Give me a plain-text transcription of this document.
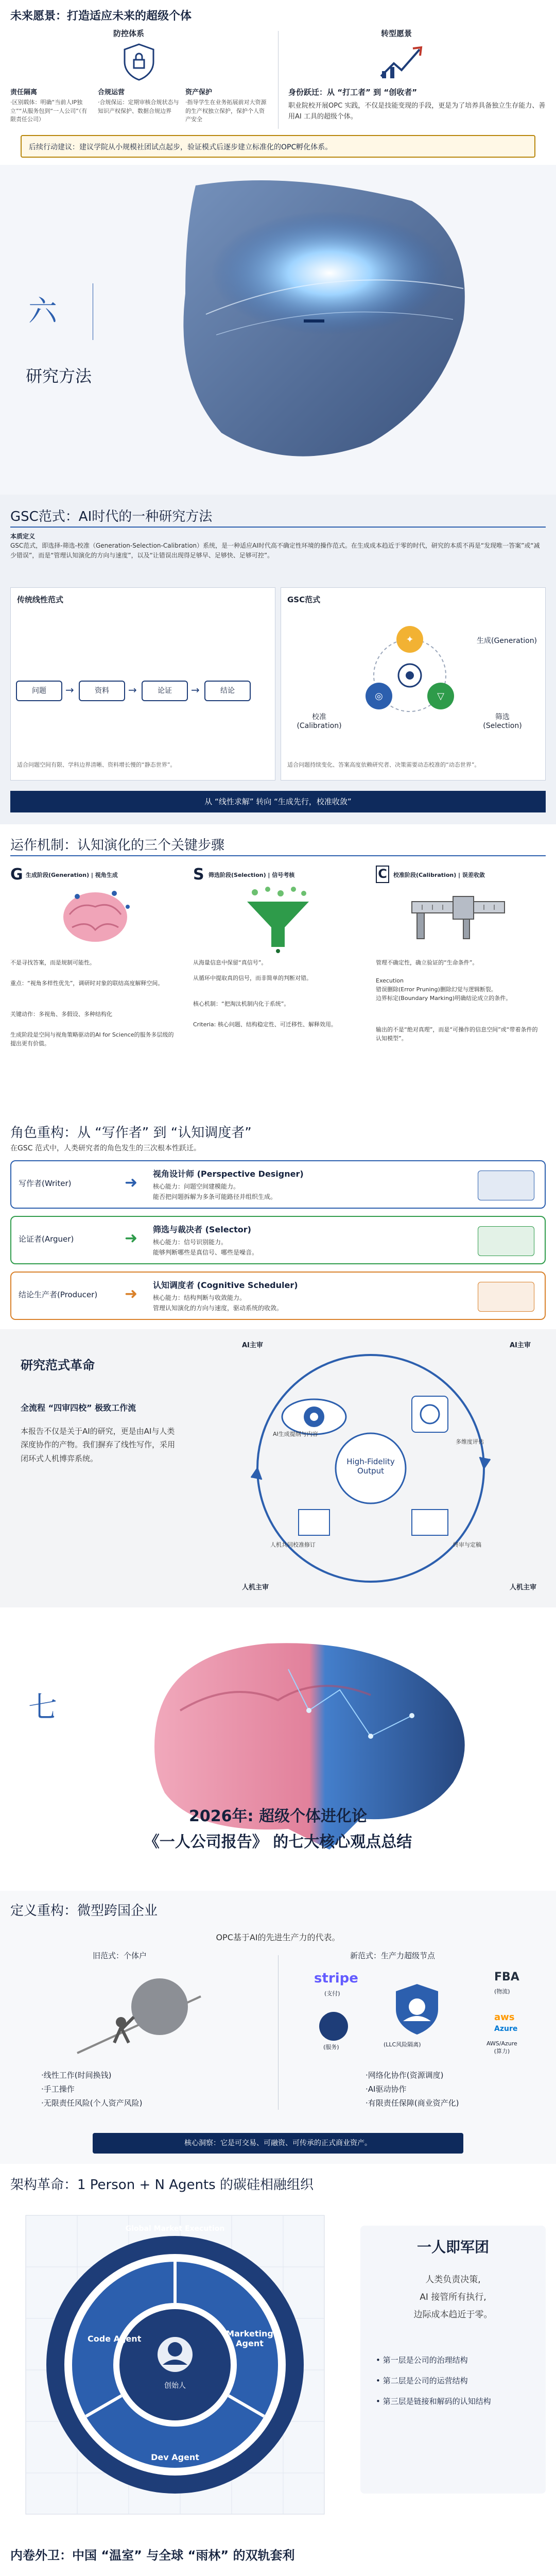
未来愿景：打造适应未来的超级个体
防控体系
责任隔离
·区别载体：明确“当前人IP独立”“从服务包到“一人公司”（有限责任公司）
合规运营
·合规保运：定期审核合规状态与知识产权保护、数据合规边界
资产保护
·指导学生在业务拓展前对大资源的生产权独立保护，保护个人资产安全
转型愿景
身份跃迁：从 “打工者” 到 “创收者”
职业院校开展OPC 实践，不仅是技能变现的手段，更是为了培养具备独立生存能力、善用AI 工具的超级个体。
后续行动建议：建议学院从小规模社团试点起步，验证模式后逐步建立标准化的OPC孵化体系。
六
研究方法
GSC范式：AI时代的一种研究方法
本质定义
GSC范式，即选择-筛选-校准（Generation-Selection-Calibration）系统，是一种适应AI时代高不确定性环境的操作范式。在生成成本趋近于零的时代，研究的本质不再是“发现唯一答案”或“减少错误”，而是“管理认知演化的方向与速度”，以及“让错误出现得足够早、足够快、足够可控”。
传统线性范式
问题	→	资料	→	论证	→	结论
适合问题空间有限、学科边界清晰、资料增长慢的“静态世界”。
GSC范式
✦
◎	▽
生成(Generation)
校准
(Calibration)
筛选
(Selection)
适合问题持续变化、答案高度依赖研究者、决策需要动态校准的“动态世界”。
从 “线性求解” 转向 “生成先行，校准收敛”
运作机制：认知演化的三个关键步骤
G 生成阶段(Generation) | 视角生成
不是寻找答案，而是规制可能性。
重点：“视角多样性优先”，调研时对象的联结高度解释空间。
关键动作：多视角、多假设、多种结构化
生成阶段是空间与视角策略驱动的AI for Science的服务多层级的提出更有价值。
S 筛选阶段(Selection) | 信号考核
从海量信息中保留“真信号”。
从循环中提取真的信号，而非简单的判断对错。
核心机制：“把淘汰机制内化于系统”。
Criteria: 核心问题、结构稳定性、可迁移性、解释效用。
C	校准阶段(Calibration) | 误差收敛
管理不确定性，确立验证的“生命条件”。
Execution
错误删除(Error Pruning)删除幻觉与逻辑断裂。
边界标定(Boundary Marking)明确结论成立的条件。
输出的不是“绝对真理”，而是“可操作的信息空间”或“带着条件的认知模型”。
角色重构：从 “写作者” 到 “认知调度者”
在GSC 范式中，人类研究者的角色发生的三次根本性跃迁。
写作者(Writer)	➜ 视角设计师 (Perspective Designer)
核心能力：问题空间建模能力。
能否把问题拆解为多条可能路径并组织生成。
论证者(Arguer)	➜ 筛选与裁决者 (Selector)
核心能力：信号识别能力。
能够判断哪些是真信号、哪些是噪音。
结论生产者(Producer)	➜ 认知调度者 (Cognitive Scheduler)
核心能力：结构判断与收敛能力。
管理认知演化的方向与速度，驱动系统的收敛。
研究范式革命
全流程 “四审四校” 极致工作流
本报告不仅是关于AI的研究，更是由AI与人类深度协作的产物。我们摒弃了线性写作，采用闭环式人机博弈系统。	High-Fidelity
Output
AI主审	AI主审
人机主审	人机主审
AI生成提纲与内容
多维度评估
人机共同校准修订	终审与定稿
七
2026年: 超级个体进化论
《一人公司报告》 的七大核心观点总结
定义重构：微型跨国企业
OPC基于AI的先进生产力的代表。
旧范式：个体户
·线性工作(时间换钱)
·手工操作
·无限责任风险(个人资产风险)
新范式：生产力超级节点
stripe
(支付)
FBA
(物流)
(LLC风险隔离)
(服务)
aws
Azure
AWS/Azure
(算力)
·网络化协作(资源调度)
·AI驱动协作
·有限责任保障(商业资产化)
核心洞察：它是可交易、可融资、可传承的正式商业资产。
架构革命：1 Person + N Agents 的碳硅相融组织
Global Market Execution
Code Agent
Marketing Agent
Dev Agent
创始人
一人即军团
人类负责决策,
AI 接管所有执行,
边际成本趋近于零。
• 第一层是公司的治理结构
• 第二层是公司的运营结构
• 第三层是链接和解码的认知结构
内卷外卫：中国 “温室” 与全球 “雨林” 的双轨套利
